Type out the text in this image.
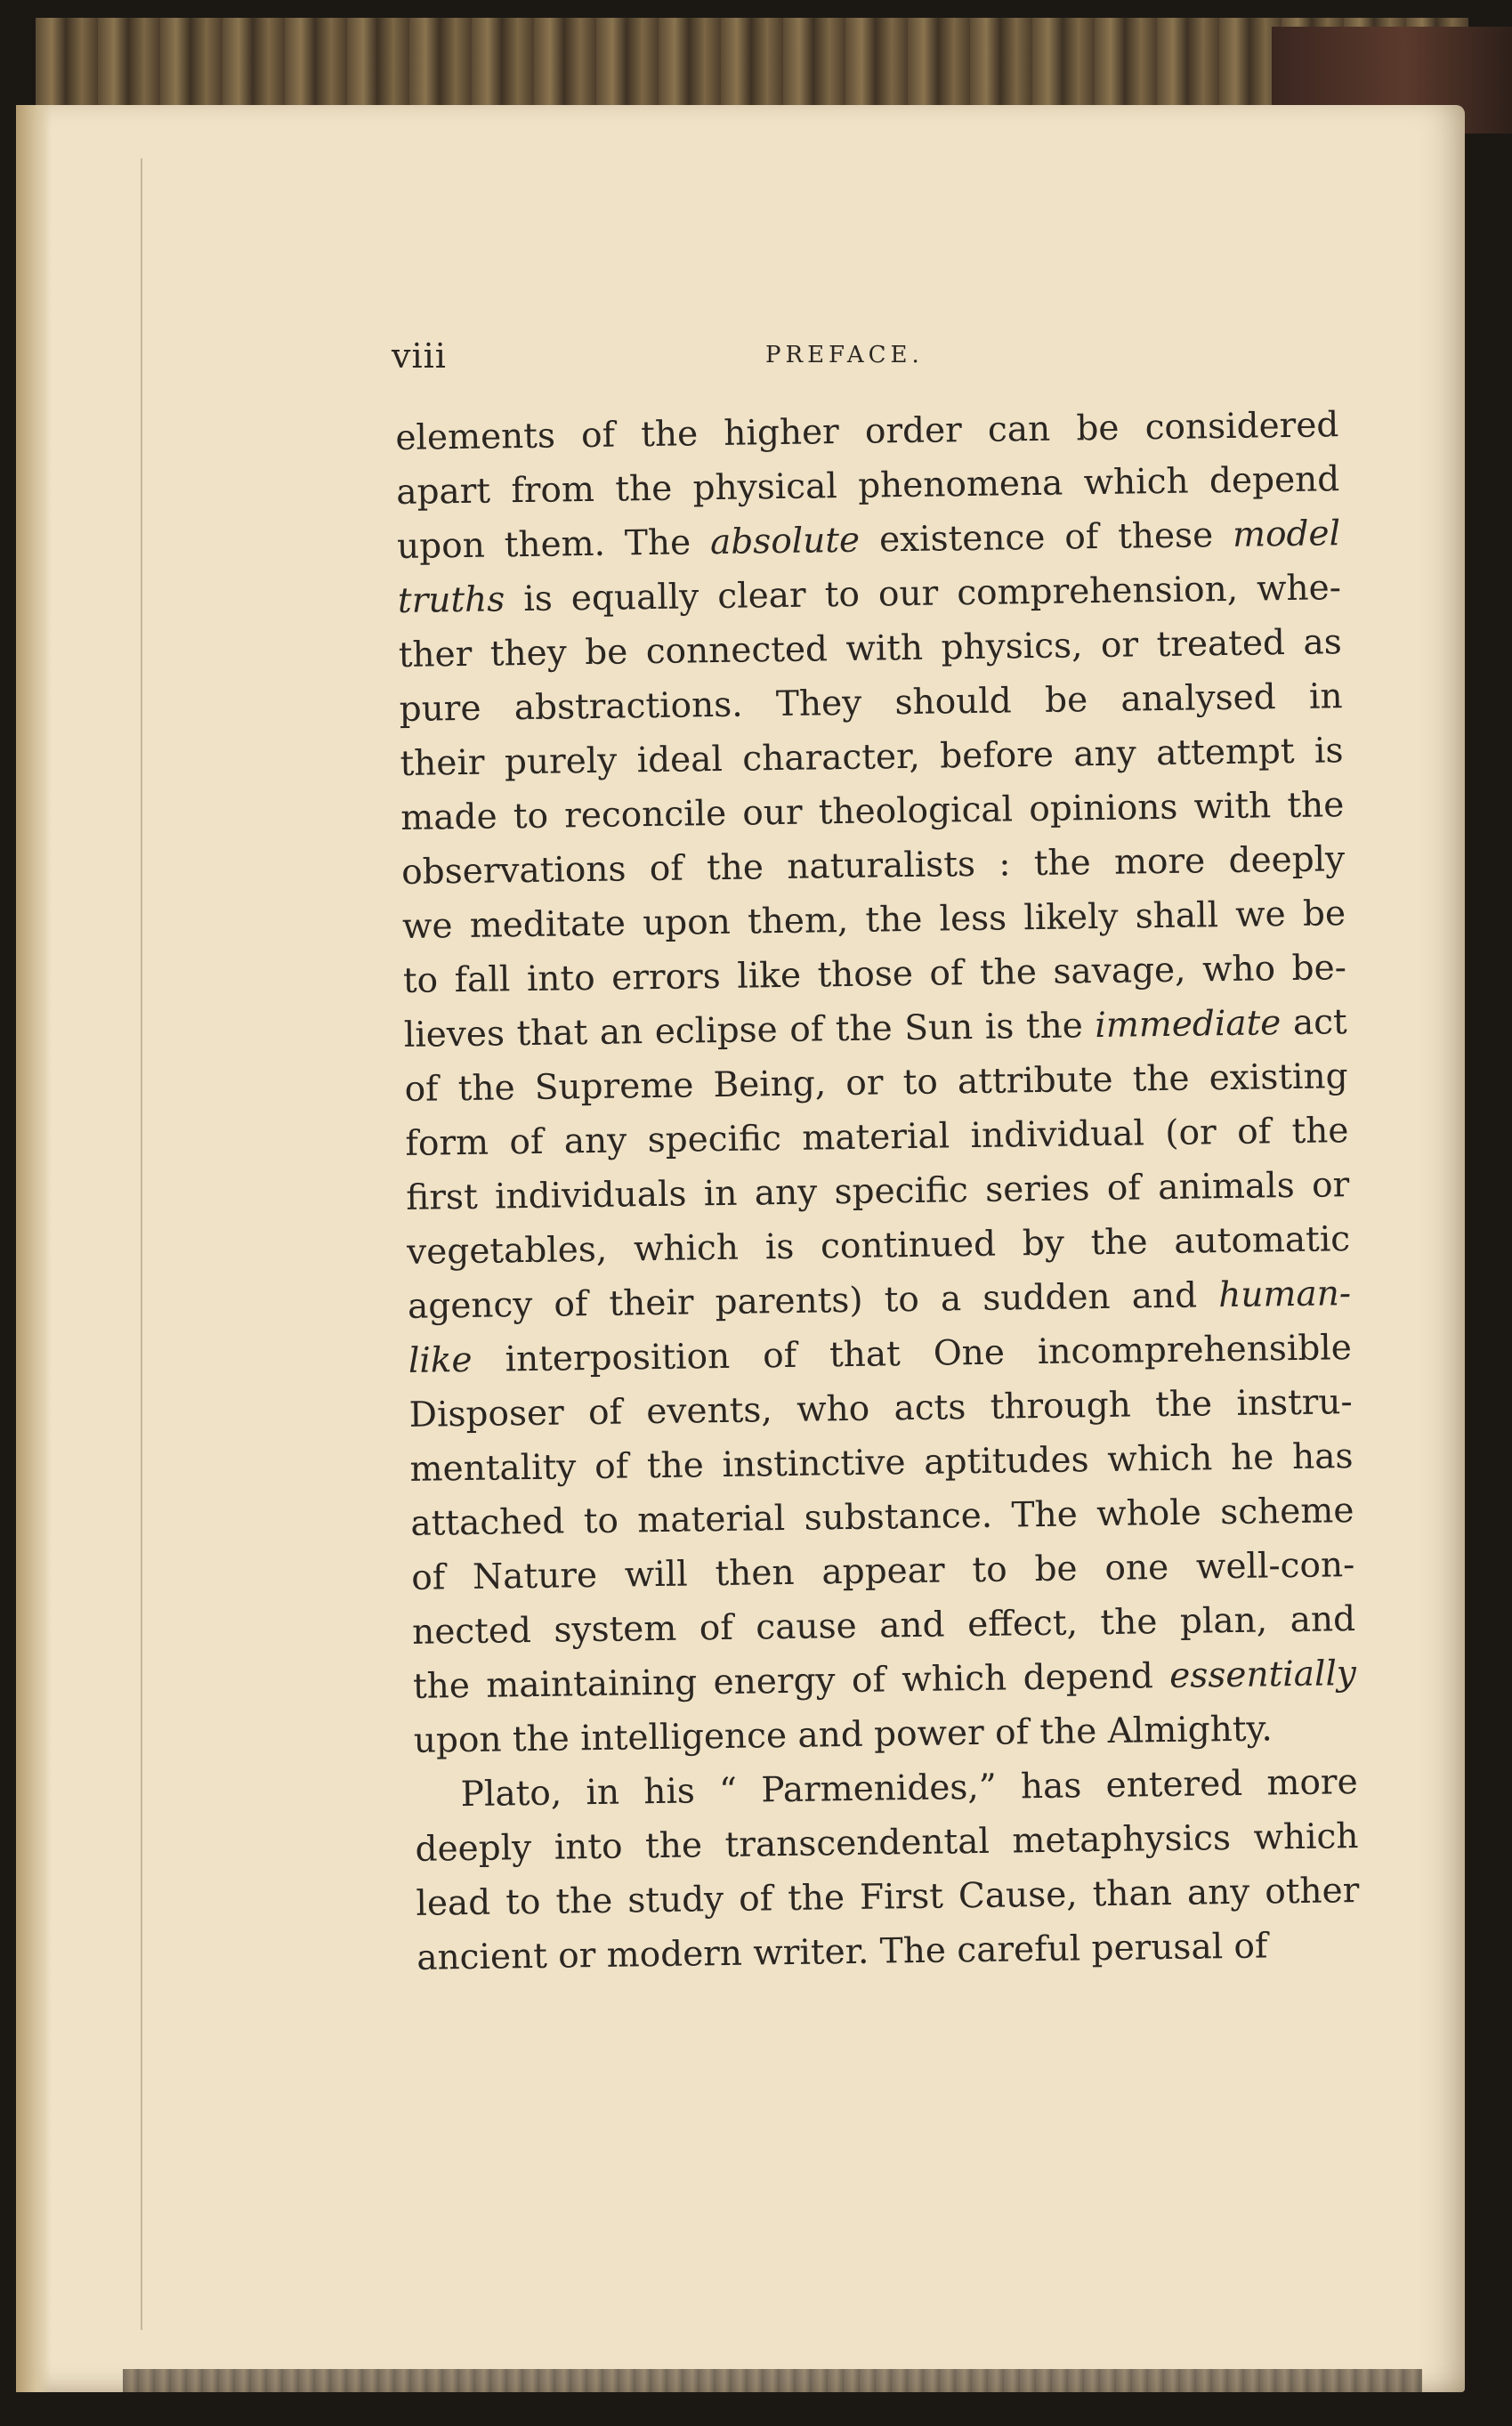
viii	PREFACE.
elements of the higher order can be considered
apart from the physical phenomena which depend
upon them. The absolute existence of these model
truths is equally clear to our comprehension, whe-
ther they be connected with physics, or treated as
pure abstractions. They should be analysed in
their purely ideal character, before any attempt is
made to reconcile our theological opinions with the
observations of the naturalists : the more deeply
we meditate upon them, the less likely shall we be
to fall into errors like those of the savage, who be-
lieves that an eclipse of the Sun is the immediate act
of the Supreme Being, or to attribute the existing
form of any specific material individual (or of the
first individuals in any specific series of animals or
vegetables, which is continued by the automatic
agency of their parents) to a sudden and human-
like interposition of that One incomprehensible
Disposer of events, who acts through the instru-
mentality of the instinctive aptitudes which he has
attached to material substance. The whole scheme
of Nature will then appear to be one well-con-
nected system of cause and effect, the plan, and
the maintaining energy of which depend essentially
upon the intelligence and power of the Almighty.
Plato, in his “ Parmenides,” has entered more
deeply into the transcendental metaphysics which
lead to the study of the First Cause, than any other
ancient or modern writer. The careful perusal of
